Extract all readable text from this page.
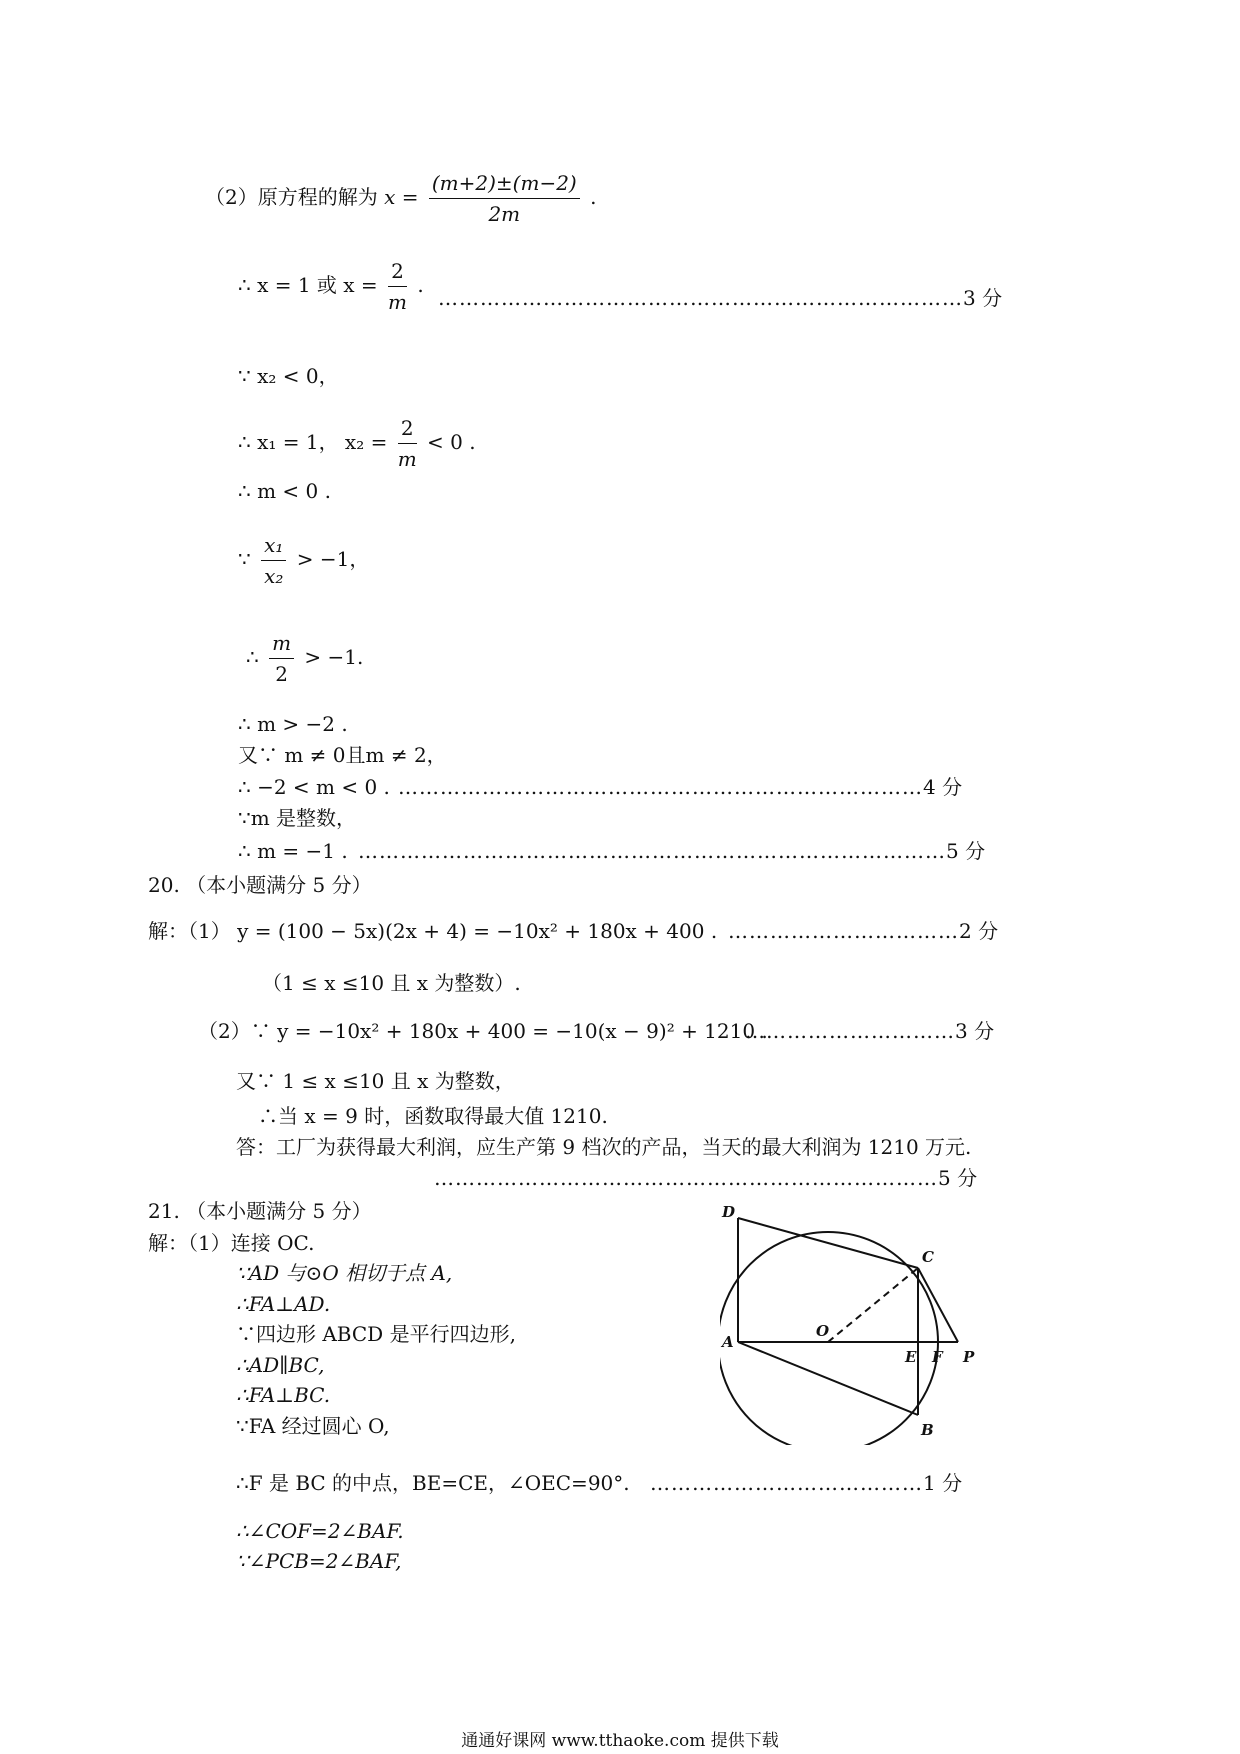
（2）原方程的解为 $x = \frac{(m+2)\pm(m-2)}{2m}$ .
∴ x = 1 或 $x = \frac{2}{m}$ .
…………………………………………………………………3 分
∵ x₂ < 0，
∴ x₁ = 1， $x_2 = \frac{2}{m} < 0$ .
∴ m < 0 .
∵ $\frac{\text{x₁}}{\text{x₂}} > -1$，
∴ $\frac{m}{2} > -1$.
∴ m > −2 .
又∵ m ≠ 0且m ≠ 2，
∴ −2 < m < 0 . …………………………………………………………………4 分
∵m 是整数，
∴ m = −1 . …………………………………………………………………………5 分
20. （本小题满分 5 分）
解：（1） y = (100 − 5x)(2x + 4) = −10x² + 180x + 400 . ……………………………2 分
（1 ≤ x ≤10 且 x 为整数）.
（2）∵ y = −10x² + 180x + 400 = −10(x − 9)² + 1210 .
…………………………3 分
又∵ 1 ≤ x ≤10 且 x 为整数，
∴当 x = 9 时，函数取得最大值 1210.
答：工厂为获得最大利润，应生产第 9 档次的产品，当天的最大利润为 1210 万元.
………………………………………………………………5 分
21. （本小题满分 5 分）
解：（1）连接 OC.
∵AD 与⊙O 相切于点 A,
∴FA⊥AD.
∵四边形 ABCD 是平行四边形,
∴AD∥BC,
∴FA⊥BC.
∵FA 经过圆心 O,
∴F 是 BC 的中点，BE=CE，∠OEC=90°. …………………………………1 分
∴∠COF=2∠BAF.
∵∠PCB=2∠BAF,
D
C
O
A
E F P
B
通通好课网 www.tthaoke.com 提供下载
